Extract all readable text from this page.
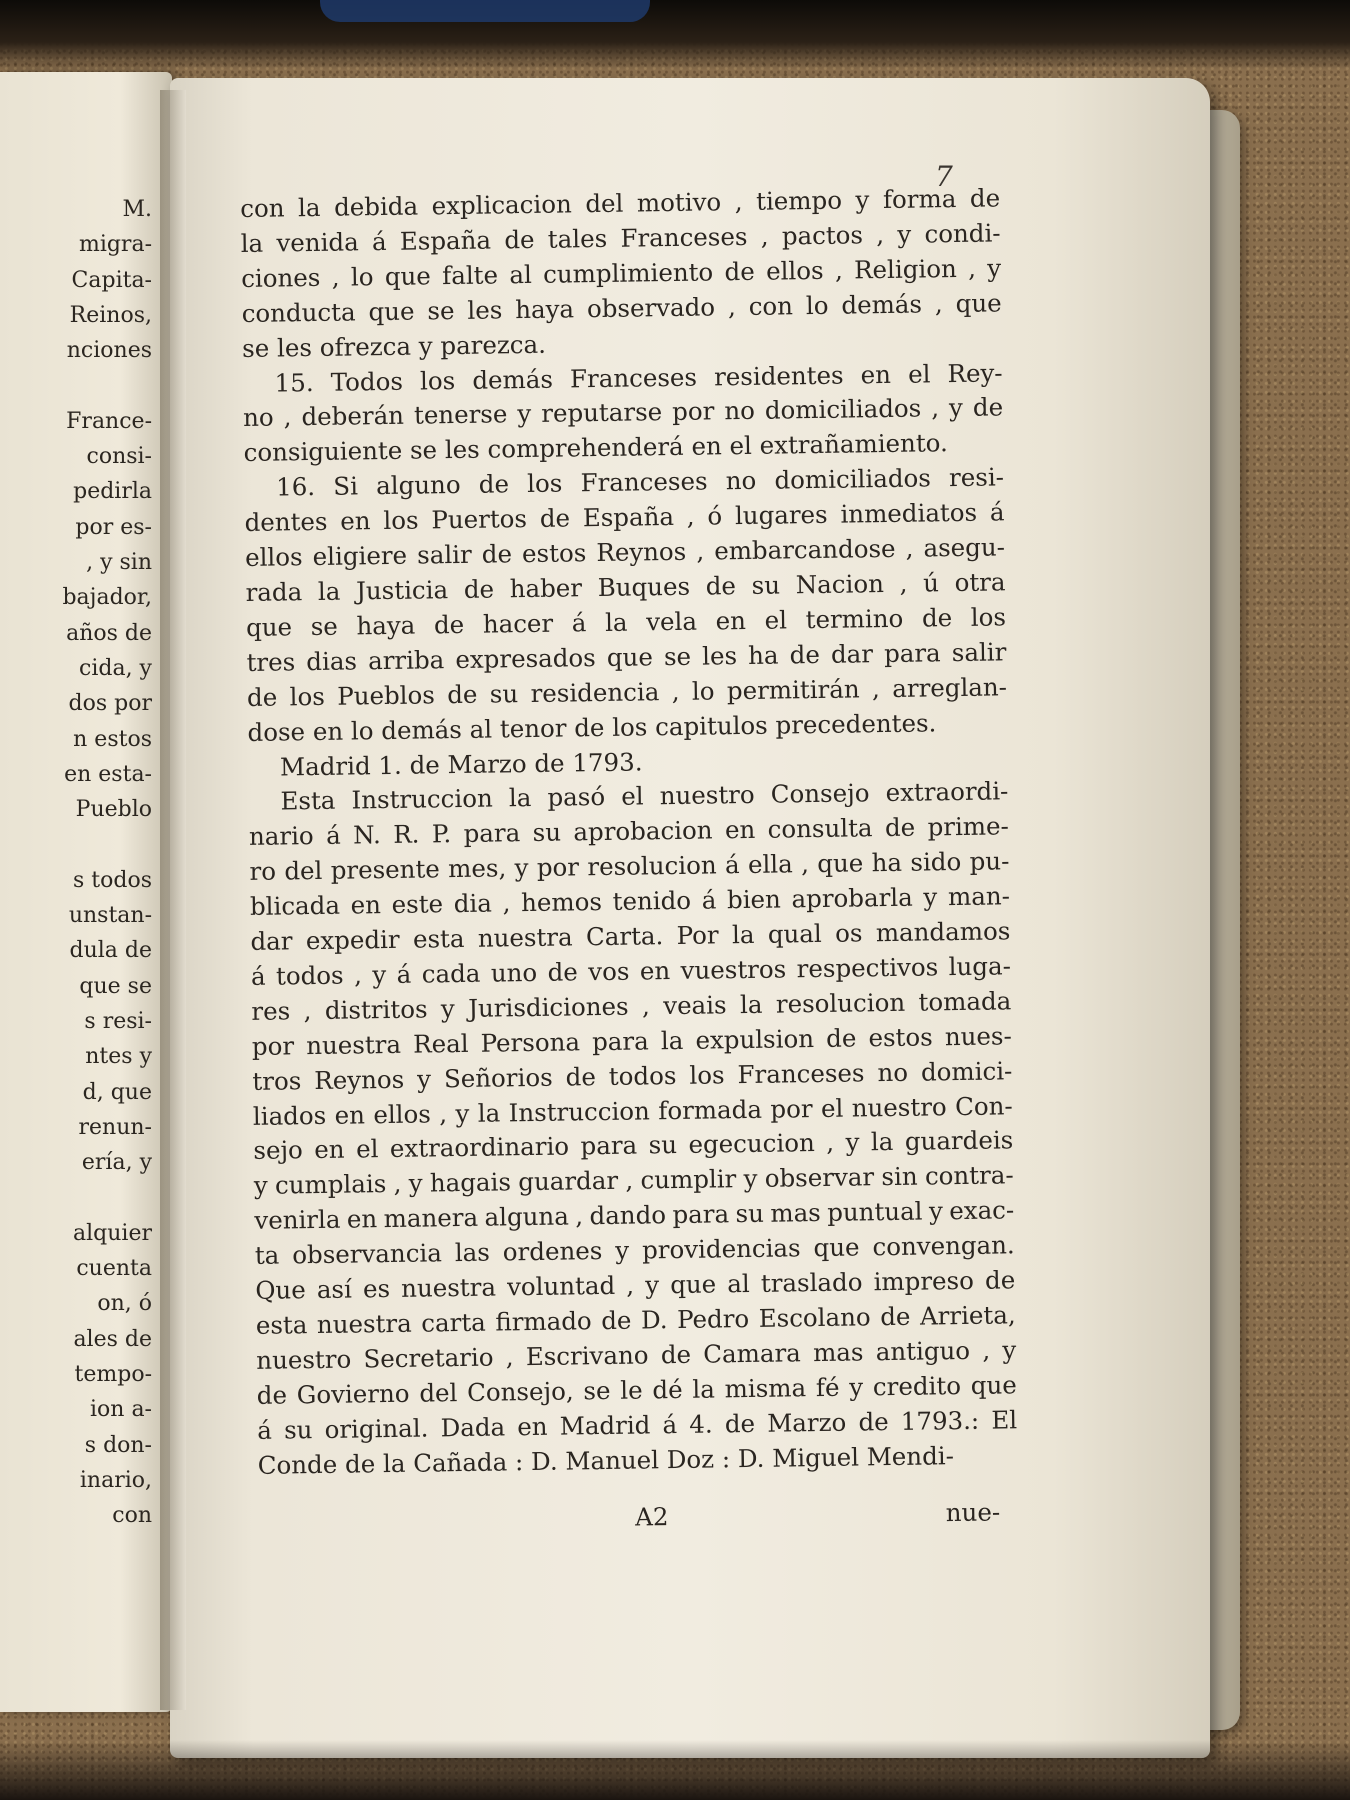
M.
migra-
Capita-
Reinos,
nciones
France-
consi-
pedirla
por es-
, y sin
bajador,
años de
cida, y
dos por
n estos
en esta-
Pueblo
s todos
unstan-
dula de
que se
s resi-
ntes y
d, que
renun-
ería, y
alquier
cuenta
on, ó
ales de
tempo-
ion a-
s don-
inario,
con
7
con la debida explicacion del motivo , tiempo y forma de
la venida á España de tales Franceses , pactos , y condi-
ciones , lo que falte al cumplimiento de ellos , Religion , y
conducta que se les haya observado , con lo demás , que
se les ofrezca y parezca.
15. Todos los demás Franceses residentes en el Rey-
no , deberán tenerse y reputarse por no domiciliados , y de
consiguiente se les comprehenderá en el extrañamiento.
16. Si alguno de los Franceses no domiciliados resi-
dentes en los Puertos de España , ó lugares inmediatos á
ellos eligiere salir de estos Reynos , embarcandose , asegu-
rada la Justicia de haber Buques de su Nacion , ú otra
que se haya de hacer á la vela en el termino de los
tres dias arriba expresados que se les ha de dar para salir
de los Pueblos de su residencia , lo permitirán , arreglan-
dose en lo demás al tenor de los capitulos precedentes.
Madrid 1. de Marzo de 1793.
Esta Instruccion la pasó el nuestro Consejo extraordi-
nario á N. R. P. para su aprobacion en consulta de prime-
ro del presente mes, y por resolucion á ella , que ha sido pu-
blicada en este dia , hemos tenido á bien aprobarla y man-
dar expedir esta nuestra Carta. Por la qual os mandamos
á todos , y á cada uno de vos en vuestros respectivos luga-
res , distritos y Jurisdiciones , veais la resolucion tomada
por nuestra Real Persona para la expulsion de estos nues-
tros Reynos y Señorios de todos los Franceses no domici-
liados en ellos , y la Instruccion formada por el nuestro Con-
sejo en el extraordinario para su egecucion , y la guardeis
y cumplais , y hagais guardar , cumplir y observar sin contra-
venirla en manera alguna , dando para su mas puntual y exac-
ta observancia las ordenes y providencias que convengan.
Que así es nuestra voluntad , y que al traslado impreso de
esta nuestra carta firmado de D. Pedro Escolano de Arrieta,
nuestro Secretario , Escrivano de Camara mas antiguo , y
de Govierno del Consejo, se le dé la misma fé y credito que
á su original. Dada en Madrid á 4. de Marzo de 1793.: El
Conde de la Cañada : D. Manuel Doz : D. Miguel Mendi-
A2	nue-
